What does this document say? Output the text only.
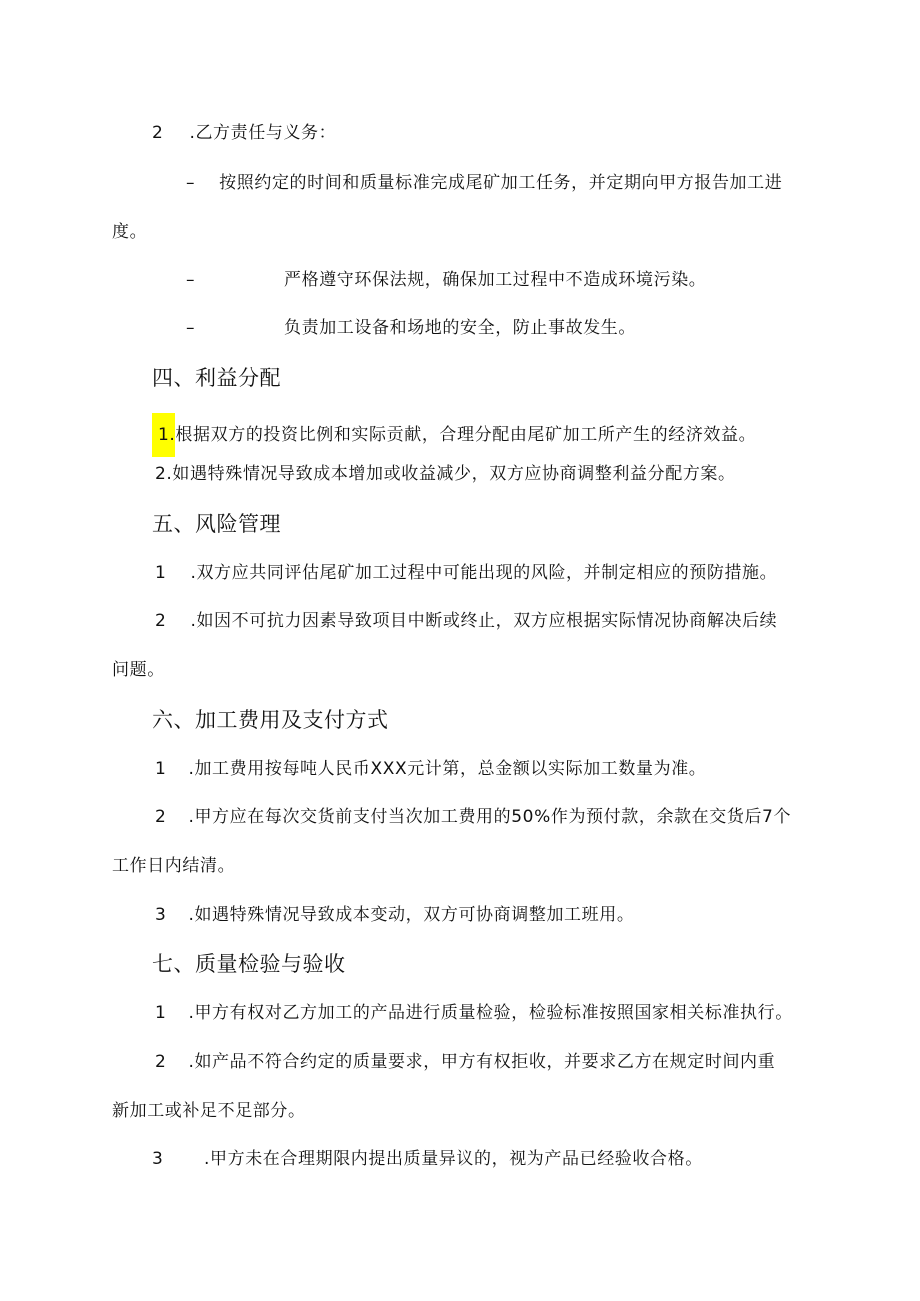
2 .乙方责任与义务：
– 按照约定的时间和质量标准完成尾矿加工任务，并定期向甲方报告加工进
度。
–	严格遵守环保法规，确保加工过程中不造成环境污染。
–	负责加工设备和场地的安全，防止事故发生。
四、利益分配
1.根据双方的投资比例和实际贡献，合理分配由尾矿加工所产生的经济效益。
2.如遇特殊情况导致成本增加或收益减少，双方应协商调整利益分配方案。
五、风险管理
1 .双方应共同评估尾矿加工过程中可能出现的风险，并制定相应的预防措施。
2 .如因不可抗力因素导致项目中断或终止，双方应根据实际情况协商解决后续
问题。
六、加工费用及支付方式
1 .加工费用按每吨人民币XXX元计第，总金额以实际加工数量为准。
2 .甲方应在每次交货前支付当次加工费用的50%作为预付款，余款在交货后7个
工作日内结清。
3 .如遇特殊情况导致成本变动，双方可协商调整加工班用。
七、质量检验与验收
1 .甲方有权对乙方加工的产品进行质量检验，检验标准按照国家相关标准执行。
2 .如产品不符合约定的质量要求，甲方有权拒收，并要求乙方在规定时间内重
新加工或补足不足部分。
3 .甲方未在合理期限内提出质量异议的，视为产品已经验收合格。
